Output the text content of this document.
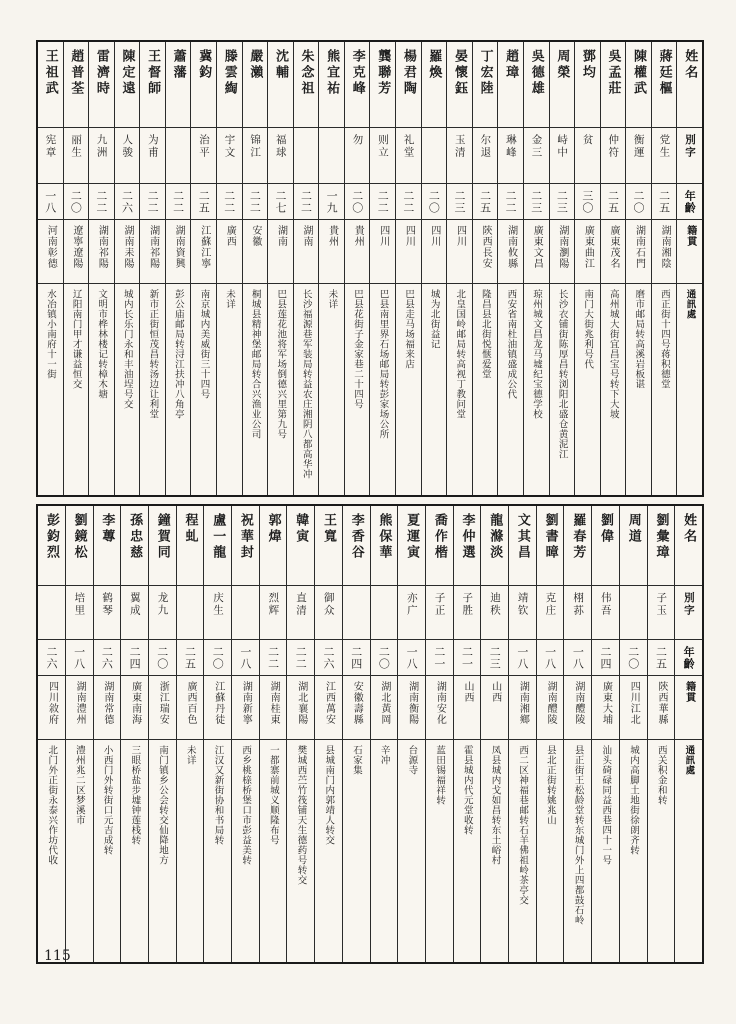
姓名
別字
年齡
籍貫
通訊處
蔣廷樞
党生
二五
湖南湘陰
西正街十四号蒋积德堂
陳權武
衡運
二〇
湖南石門
磨市邮局转高溪岩板谌
吳孟莊
仲符
二五
廣東茂名
高州城大街宜昌宝号转下大坡
鄧均
贫
三〇
廣東曲江
南门大街兆利号代
周榮
峙中
二三
湖南瀏陽
长沙衣铺街陈厚昌转浏阳北盛仓黄泥江
吳德雄
金三
二三
廣東文昌
琼州城文昌龙马墟纪宝德学校
趙璋
琳峰
二二
湖南攸縣
西安省南杜油镇盛成公代
丁宏陸
尔退
二五
陝西長安
隆昌县北街悦惬爱堂
晏懷鈺
玉清
二三
四川
北皇国岭邮局转高视丁教问堂
羅煥
二〇
四川
城为北街益记
楊君陶
礼堂
二二
四川
巴县走马场福来店
龔聯芳
则立
二二
四川
巴县南里界石场邮局转彭家场公所
李克峰
勿
二〇
貴州
巴县花街子金家巷二十四号
熊宜祐
一九
貴州
未详
朱念祖
二二
湖南
长沙福源巷军装局转益农庄湘阴八都高华冲
沈輔
福球
二七
湖南
巴县莲花池将军场倒德兴里第九号
嚴瀨
锦江
二二
安徽
桐城县精神堡邮局转合兴渔业公司
滕雲綯
宇文
二二
廣西
未详
冀鈞
治平
二五
江蘇江寧
南京城内美威街三十四号
蕭藩
二二
湖南資興
彭公庙邮局转浔江扶冲八角亭
王督師
为甫
二二
湖南祁陽
新市正街恒茂昌转汤边让利堂
陳定遠
人骏
二六
湖南耒陽
城内长乐门永和丰油埕号交
雷濟時
九洲
二二
湖南祁陽
文明市桦林楼记转樟木塘
趙普荃
丽生
二〇
遼寧遼陽
辽阳南门甲才谦益恒交
王祖武
宪章
一八
河南彰德
水冶镇小南府十一街
姓名
別字
年齡
籍貫
通訊處
劉彙璋
子玉
二五
陝西華縣
西关积金和转
周道
二〇
四川江北
城内高脚土地街徐朗齐转
劉偉
伟吾
二四
廣東大埔
汕头碕碌同益西巷四十一号
羅春芳
栩荪
一八
湖南醴陵
县正街王松龄堂转东城门外上四都鼓石岭
劉書暲
克庄
一八
湖南醴陵
县北正街转姚兆山
文其昌
靖钦
一八
湖南湘鄉
西二区神福巷邮转石羊佛祖岭茶亭交
龍滌淡
迪秩
二三
山西
凤县城内戈如昌转东土峪村
李仲選
子胜
二一
山西
霍县城内代元堂收转
喬作楷
子正
二一
湖南安化
蓝田锡福祥转
夏運寅
亦广
一八
湖南衡陽
台源寺
熊保華
二〇
湖北黃岡
辛冲
李香谷
二四
安徽壽縣
石家集
王寬
御众
二六
江西萬安
县城南门内郭靖人转交
韓寅
直清
二二
湖北襄陽
樊城西苎竹筏铺天生德药号转交
郭煒
烈辉
二二
湖南桂東
一都寨前城义顺隆布号
祝華封
一八
湖南新寧
西乡桃榇桥堡口市彭益美转
盧一龍
庆生
二〇
江蘇丹徒
江汉又新街协和书局转
程虬
二五
廣西百色
未详
鐘賀同
龙九
二〇
浙江瑞安
南门镇乡公会转交仙降地方
孫忠慈
翼成
二四
廣東南海
三眼桥盐步墟钟莲栈转
李蓴
鹤琴
二六
湖南常德
小西门外转街口元吉成转
劉鏡松
培里
一八
湖南澧州
澧州兆二区梦溪市
彭鈞烈
二六
四川敘府
北门外正街永泰兴作坊代收
115
